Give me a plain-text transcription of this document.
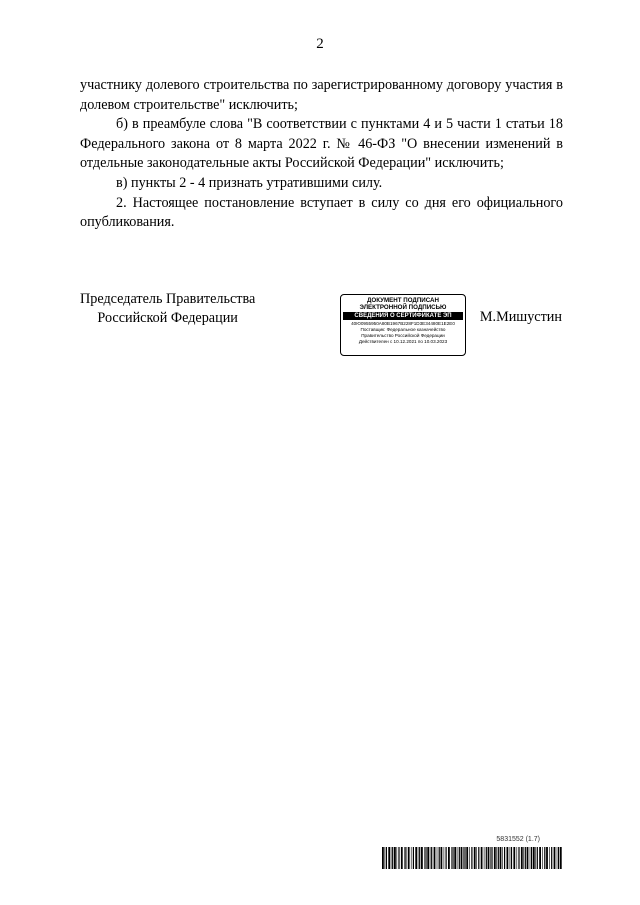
2

участнику долевого строительства по зарегистрированному договору участия в долевом строительстве" исключить;

б) в преамбуле слова "В соответствии с пунктами 4 и 5 части 1 статьи 18 Федерального закона от 8 марта 2022 г. № 46-ФЗ "О внесении изменений в отдельные законодательные акты Российской Федерации" исключить;

в) пункты 2 - 4 признать утратившими силу.

2. Настоящее постановление вступает в силу со дня его официального опубликования.

Председатель Правительства
Российской Федерации
ДОКУМЕНТ ПОДПИСАН
ЭЛЕКТРОННОЙ ПОДПИСЬЮ
СВЕДЕНИЯ О СЕРТИФИКАТЕ ЭП
40Ю0955950А80В1967В228F1D3Е34480Е1Е2Е0
Поставщик: Федеральное казначейство
Правительство Российской Федерации
Действителен с 10.12.2021 по 10.03.2023
М.Мишустин
5831552 (1.7)
